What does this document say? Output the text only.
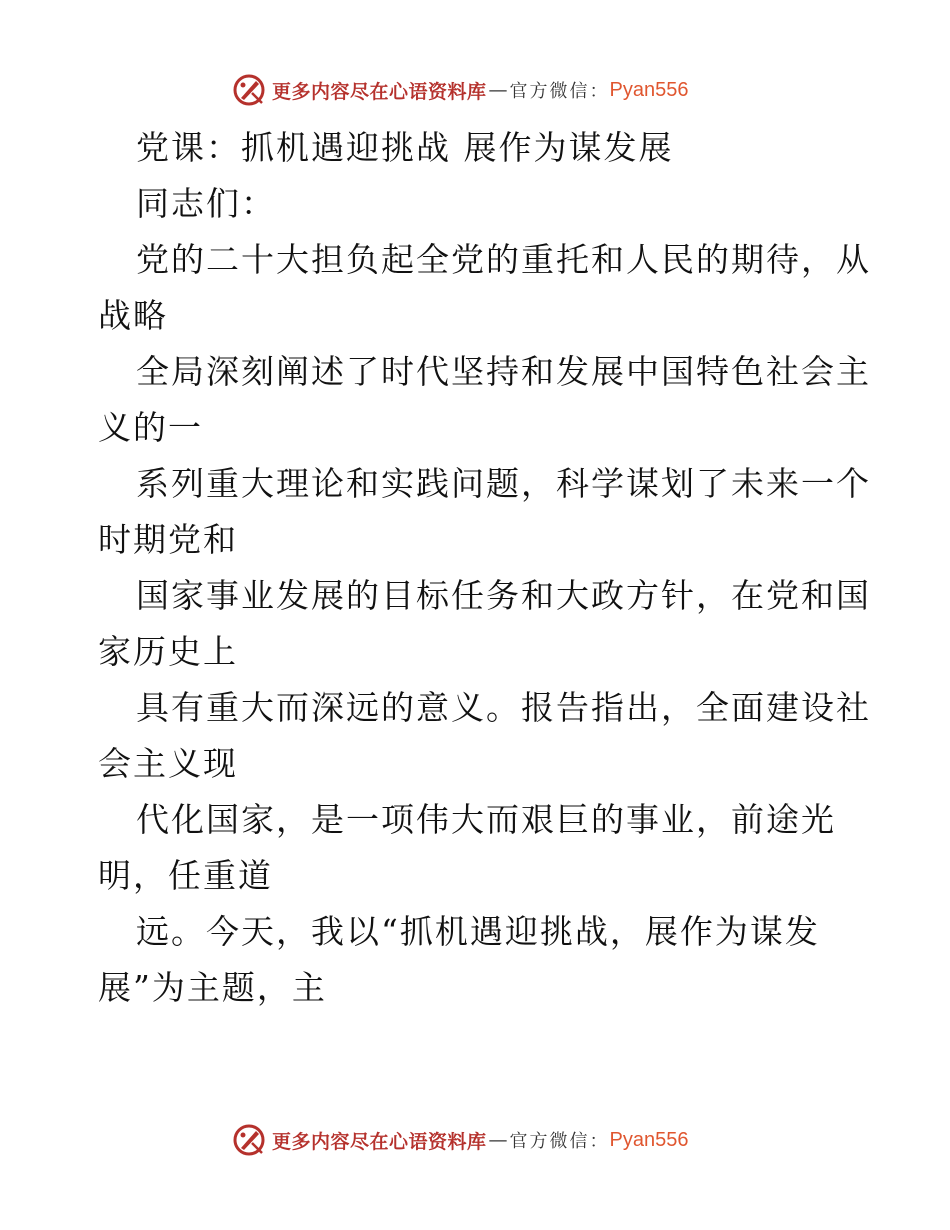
更多内容尽在心语资料库 — 官方微信： Pyan556
党课：抓机遇迎挑战 展作为谋发展
同志们：
党的二十大担负起全党的重托和人民的期待，从
战略
全局深刻阐述了时代坚持和发展中国特色社会主
义的一
系列重大理论和实践问题，科学谋划了未来一个
时期党和
国家事业发展的目标任务和大政方针，在党和国
家历史上
具有重大而深远的意义。报告指出，全面建设社
会主义现
代化国家，是一项伟大而艰巨的事业，前途光
明，任重道
远。今天，我以“抓机遇迎挑战，展作为谋发
展”为主题，主
更多内容尽在心语资料库 — 官方微信： Pyan556
